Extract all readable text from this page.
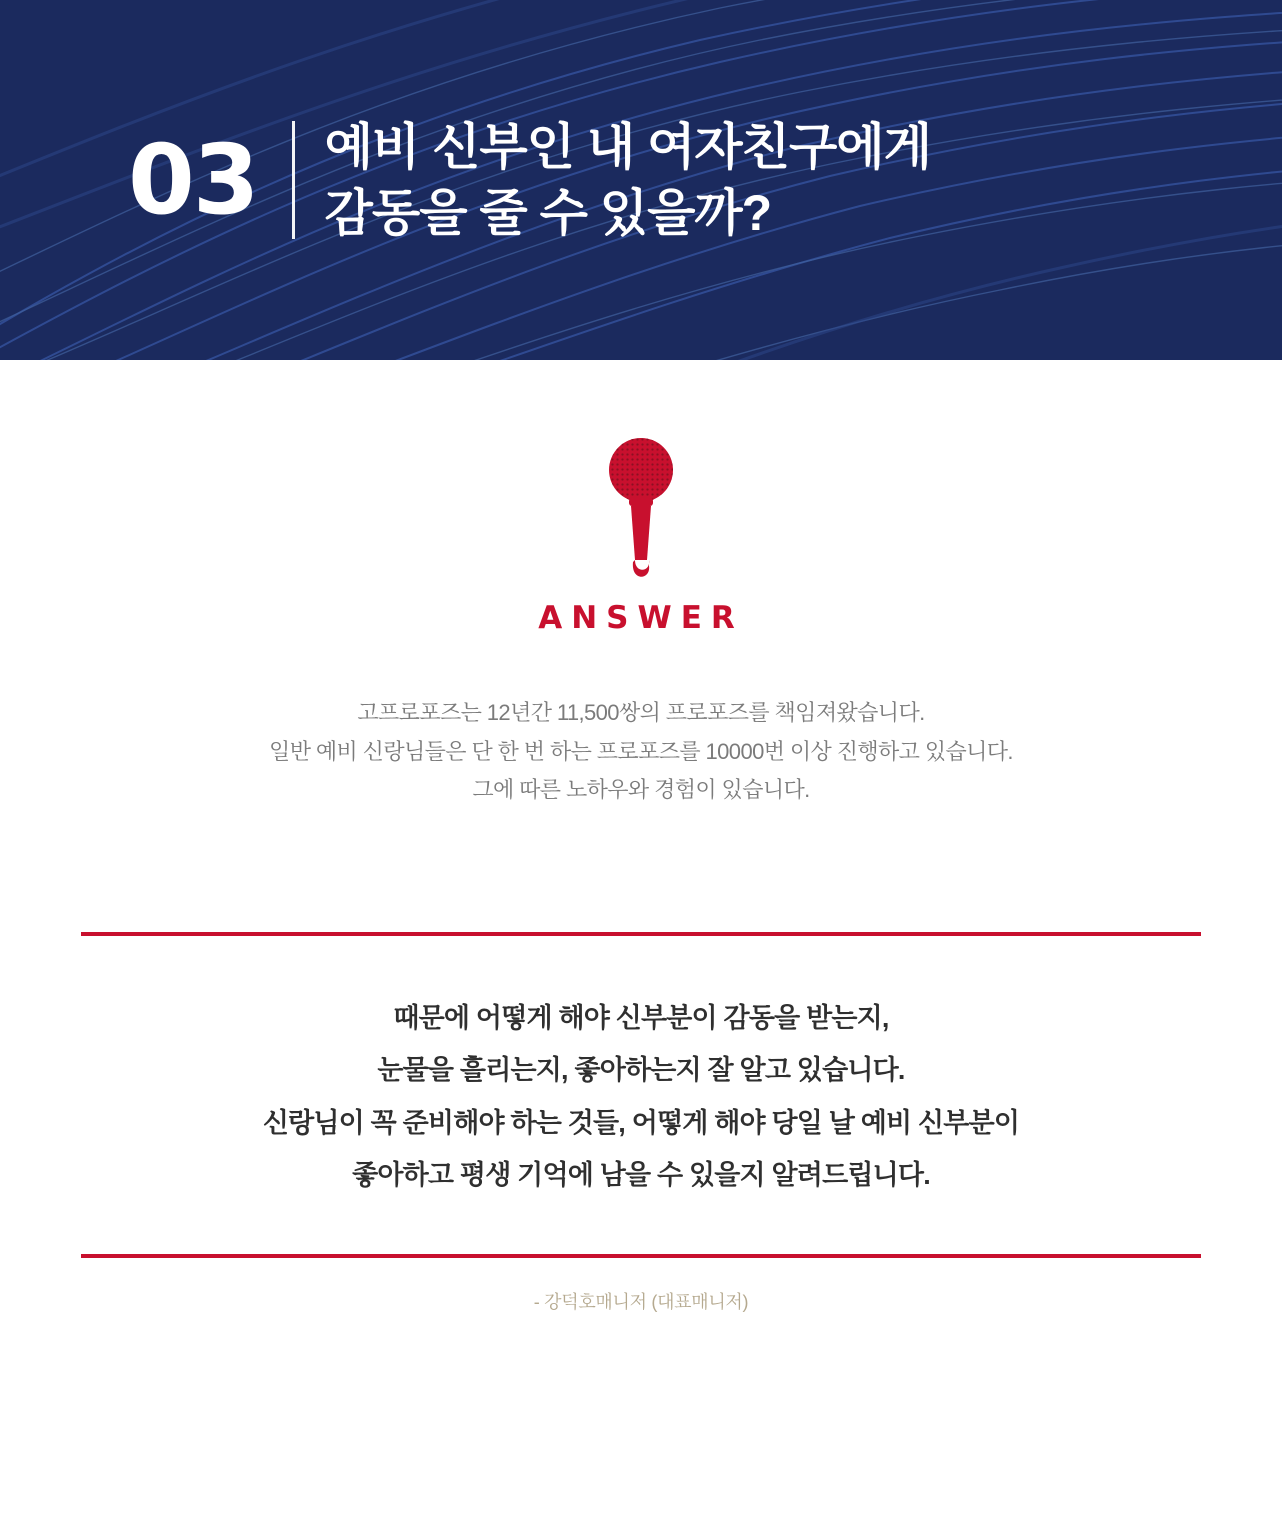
03	예비 신부인 내 여자친구에게
감동을 줄 수 있을까?
ANSWER
고프로포즈는 12년간 11,500쌍의 프로포즈를 책임져왔습니다.
일반 예비 신랑님들은 단 한 번 하는 프로포즈를 10000번 이상 진행하고 있습니다.
그에 따른 노하우와 경험이 있습니다.
때문에 어떻게 해야 신부분이 감동을 받는지,
눈물을 흘리는지, 좋아하는지 잘 알고 있습니다.
신랑님이 꼭 준비해야 하는 것들, 어떻게 해야 당일 날 예비 신부분이
좋아하고 평생 기억에 남을 수 있을지 알려드립니다.
- 강덕호매니저 (대표매니저)
